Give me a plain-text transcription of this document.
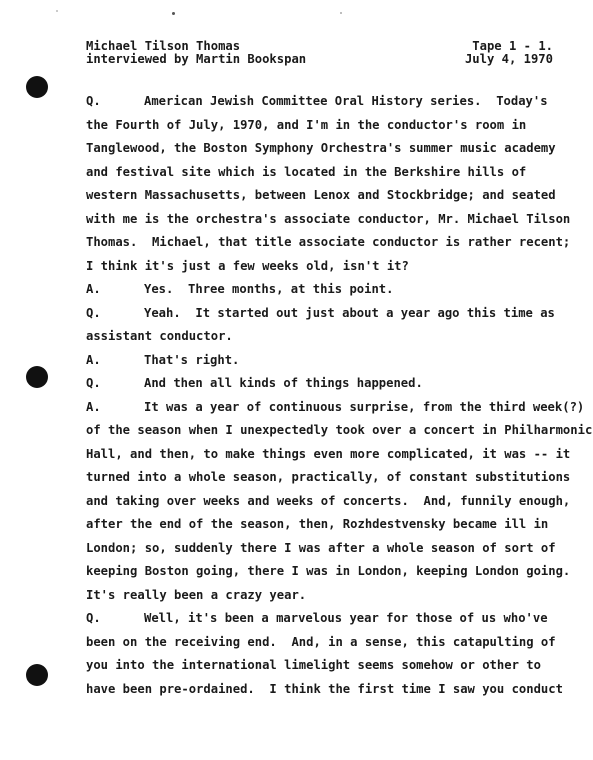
Michael Tilson Thomas	Tape 1 - 1.
interviewed by Martin Bookspan	July 4, 1970
Q.	American Jewish Committee Oral History series.  Today's
the Fourth of July, 1970, and I'm in the conductor's room in
Tanglewood, the Boston Symphony Orchestra's summer music academy
and festival site which is located in the Berkshire hills of
western Massachusetts, between Lenox and Stockbridge; and seated
with me is the orchestra's associate conductor, Mr. Michael Tilson
Thomas.  Michael, that title associate conductor is rather recent;
I think it's just a few weeks old, isn't it?
A.	Yes.  Three months, at this point.
Q.	Yeah.  It started out just about a year ago this time as
assistant conductor.
A.	That's right.
Q.	And then all kinds of things happened.
A.	It was a year of continuous surprise, from the third week(?)
of the season when I unexpectedly took over a concert in Philharmonic
Hall, and then, to make things even more complicated, it was -- it
turned into a whole season, practically, of constant substitutions
and taking over weeks and weeks of concerts.  And, funnily enough,
after the end of the season, then, Rozhdestvensky became ill in
London; so, suddenly there I was after a whole season of sort of
keeping Boston going, there I was in London, keeping London going.
It's really been a crazy year.
Q.	Well, it's been a marvelous year for those of us who've
been on the receiving end.  And, in a sense, this catapulting of
you into the international limelight seems somehow or other to
have been pre-ordained.  I think the first time I saw you conduct
